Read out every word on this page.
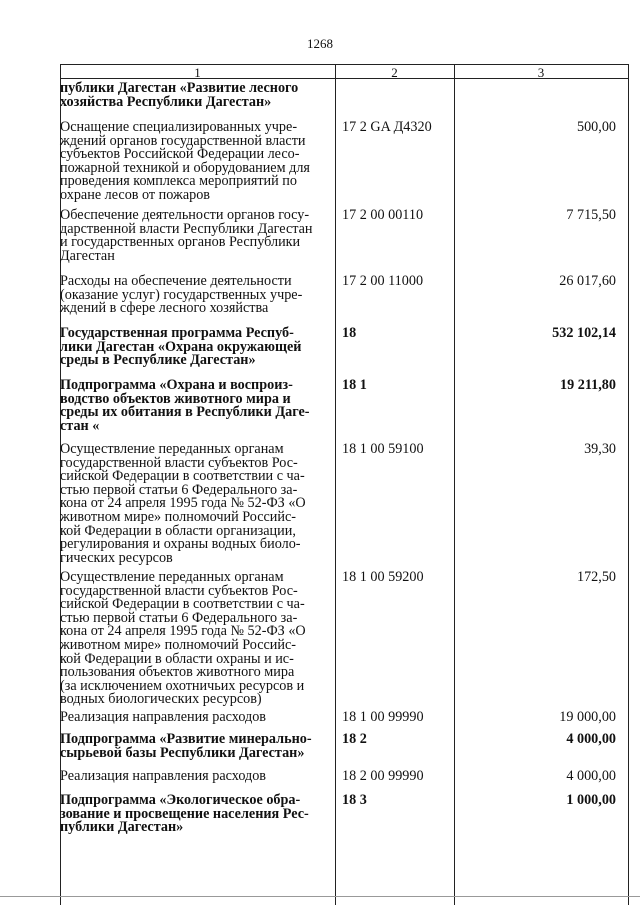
1268
1	2	3
публики Дагестан «Развитие лесного
хозяйства Республики Дагестан»
Оснащение специализированных учре-
ждений органов государственной власти
субъектов Российской Федерации лесо-
пожарной техникой и оборудованием для
проведения комплекса мероприятий по
охране лесов от пожаров
17 2 GA Д4320	500,00
Обеспечение деятельности органов госу-
дарственной власти Республики Дагестан
и государственных органов Республики
Дагестан
17 2 00 00110	7 715,50
Расходы на обеспечение деятельности
(оказание услуг) государственных учре-
ждений в сфере лесного хозяйства
17 2 00 11000	26 017,60
Государственная программа Респуб-
лики Дагестан «Охрана окружающей
среды в Республике Дагестан»
18	532 102,14
Подпрограмма «Охрана и воспроиз-
водство объектов животного мира и
среды их обитания в Республики Даге-
стан «
18 1	19 211,80
Осуществление переданных органам
государственной власти субъектов Рос-
сийской Федерации в соответствии с ча-
стью первой статьи 6 Федерального за-
кона от 24 апреля 1995 года № 52-ФЗ «О
животном мире» полномочий Российс-
кой Федерации в области организации,
регулирования и охраны водных биоло-
гических ресурсов
18 1 00 59100	39,30
Осуществление переданных органам
государственной власти субъектов Рос-
сийской Федерации в соответствии с ча-
стью первой статьи 6 Федерального за-
кона от 24 апреля 1995 года № 52-ФЗ «О
животном мире» полномочий Российс-
кой Федерации в области охраны и ис-
пользования объектов животного мира
(за исключением охотничьих ресурсов и
водных биологических ресурсов)
18 1 00 59200	172,50
Реализация направления расходов	18 1 00 99990	19 000,00
Подпрограмма «Развитие минерально-
сырьевой базы Республики Дагестан»
18 2	4 000,00
Реализация направления расходов	18 2 00 99990	4 000,00
Подпрограмма «Экологическое обра-
зование и просвещение населения Рес-
публики Дагестан»
18 3	1 000,00
